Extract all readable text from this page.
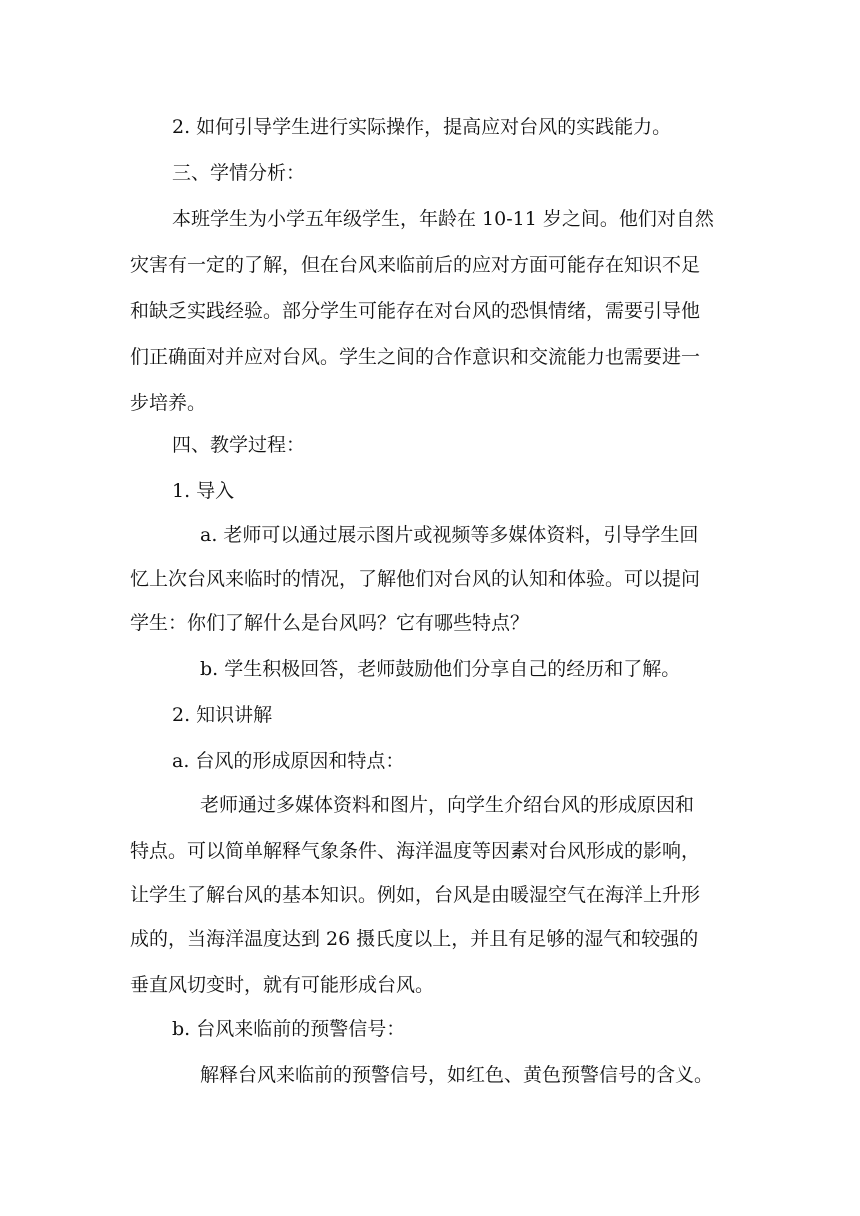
2. 如何引导学生进行实际操作，提高应对台风的实践能力。

三、学情分析：

本班学生为小学五年级学生，年龄在 10-11 岁之间。他们对自然

灾害有一定的了解，但在台风来临前后的应对方面可能存在知识不足

和缺乏实践经验。部分学生可能存在对台风的恐惧情绪，需要引导他

们正确面对并应对台风。学生之间的合作意识和交流能力也需要进一

步培养。

四、教学过程：

1. 导入

a. 老师可以通过展示图片或视频等多媒体资料，引导学生回

忆上次台风来临时的情况，了解他们对台风的认知和体验。可以提问

学生：你们了解什么是台风吗？它有哪些特点？

b. 学生积极回答，老师鼓励他们分享自己的经历和了解。

2. 知识讲解

a. 台风的形成原因和特点：

老师通过多媒体资料和图片，向学生介绍台风的形成原因和

特点。可以简单解释气象条件、海洋温度等因素对台风形成的影响，

让学生了解台风的基本知识。例如，台风是由暖湿空气在海洋上升形

成的，当海洋温度达到 26 摄氏度以上，并且有足够的湿气和较强的

垂直风切变时，就有可能形成台风。

b. 台风来临前的预警信号：

解释台风来临前的预警信号，如红色、黄色预警信号的含义。
